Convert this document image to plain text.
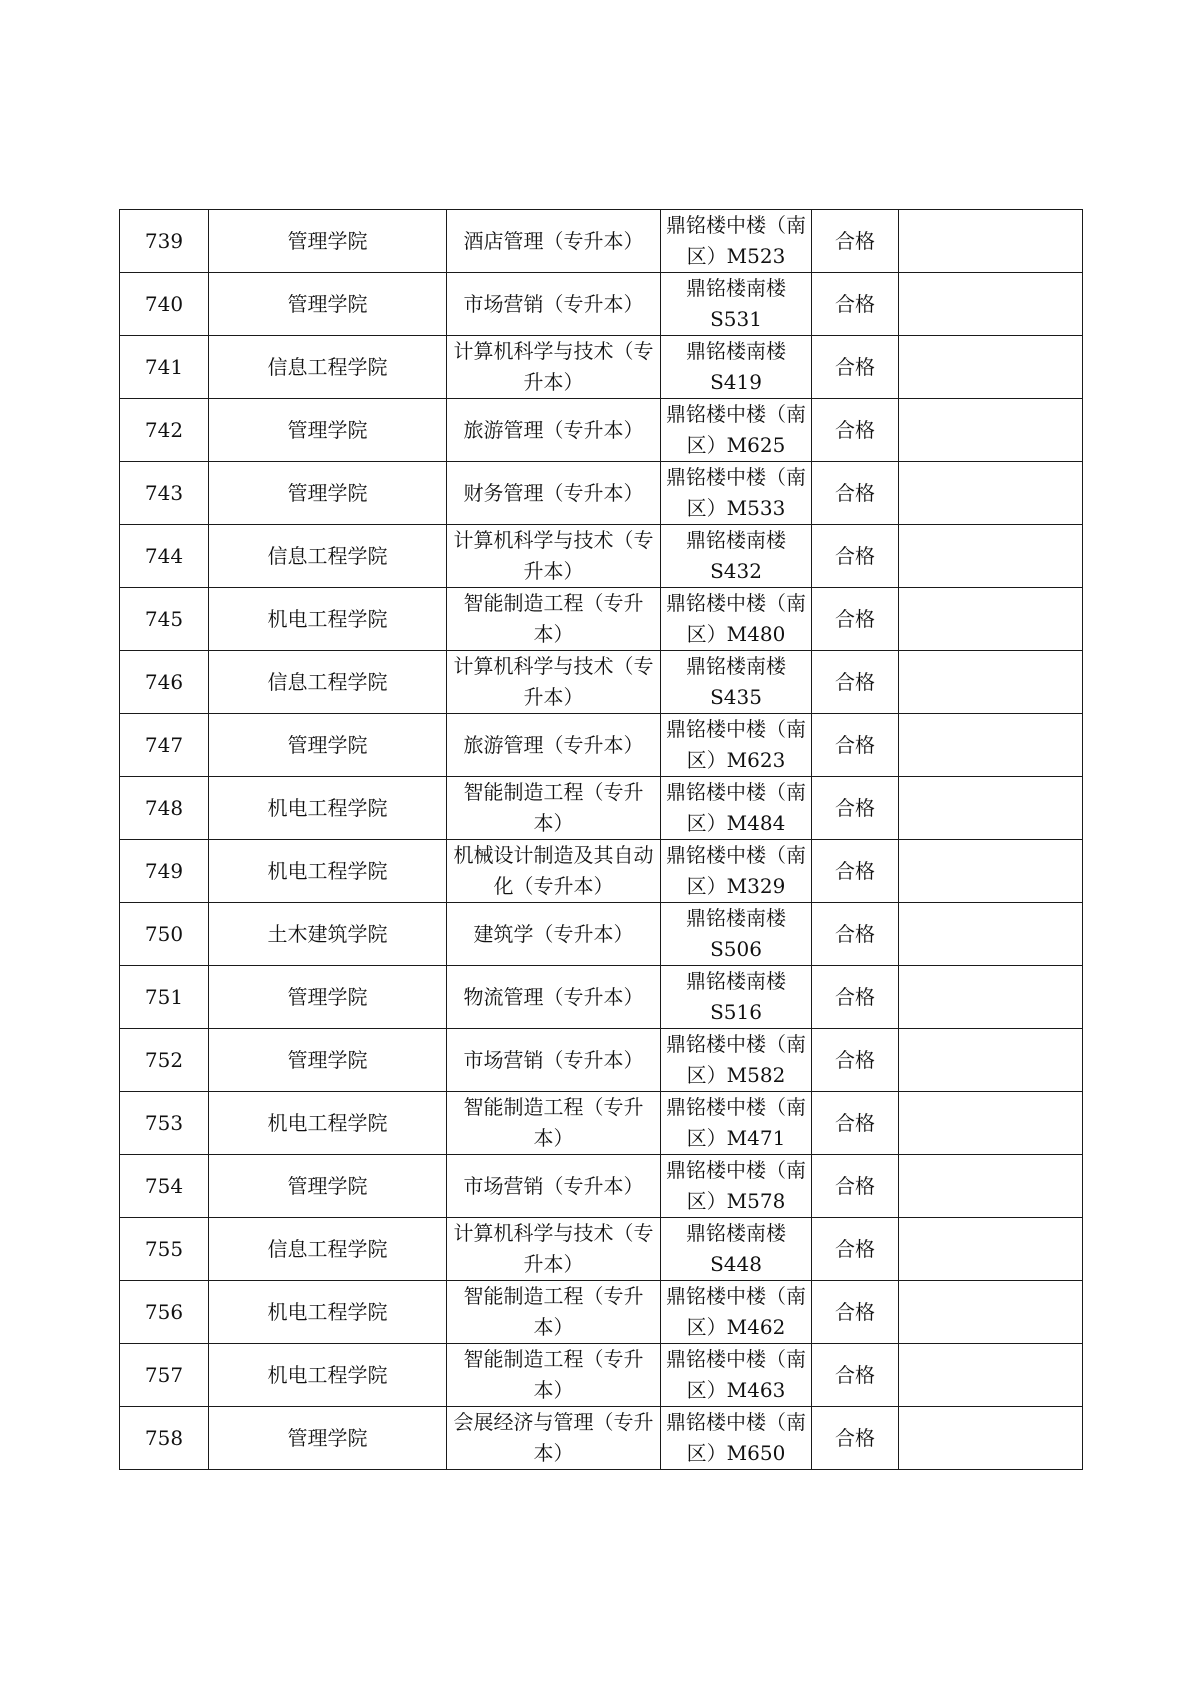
739	管理学院	酒店管理（专升本）	鼎铭楼中楼（南区）M523	合格	
740	管理学院	市场营销（专升本）	鼎铭楼南楼S531	合格	
741	信息工程学院	计算机科学与技术（专升本）	鼎铭楼南楼S419	合格	
742	管理学院	旅游管理（专升本）	鼎铭楼中楼（南区）M625	合格	
743	管理学院	财务管理（专升本）	鼎铭楼中楼（南区）M533	合格	
744	信息工程学院	计算机科学与技术（专升本）	鼎铭楼南楼S432	合格	
745	机电工程学院	智能制造工程（专升本）	鼎铭楼中楼（南区）M480	合格	
746	信息工程学院	计算机科学与技术（专升本）	鼎铭楼南楼S435	合格	
747	管理学院	旅游管理（专升本）	鼎铭楼中楼（南区）M623	合格	
748	机电工程学院	智能制造工程（专升本）	鼎铭楼中楼（南区）M484	合格	
749	机电工程学院	机械设计制造及其自动化（专升本）	鼎铭楼中楼（南区）M329	合格	
750	土木建筑学院	建筑学（专升本）	鼎铭楼南楼S506	合格	
751	管理学院	物流管理（专升本）	鼎铭楼南楼S516	合格	
752	管理学院	市场营销（专升本）	鼎铭楼中楼（南区）M582	合格	
753	机电工程学院	智能制造工程（专升本）	鼎铭楼中楼（南区）M471	合格	
754	管理学院	市场营销（专升本）	鼎铭楼中楼（南区）M578	合格	
755	信息工程学院	计算机科学与技术（专升本）	鼎铭楼南楼S448	合格	
756	机电工程学院	智能制造工程（专升本）	鼎铭楼中楼（南区）M462	合格	
757	机电工程学院	智能制造工程（专升本）	鼎铭楼中楼（南区）M463	合格	
758	管理学院	会展经济与管理（专升本）	鼎铭楼中楼（南区）M650	合格	
